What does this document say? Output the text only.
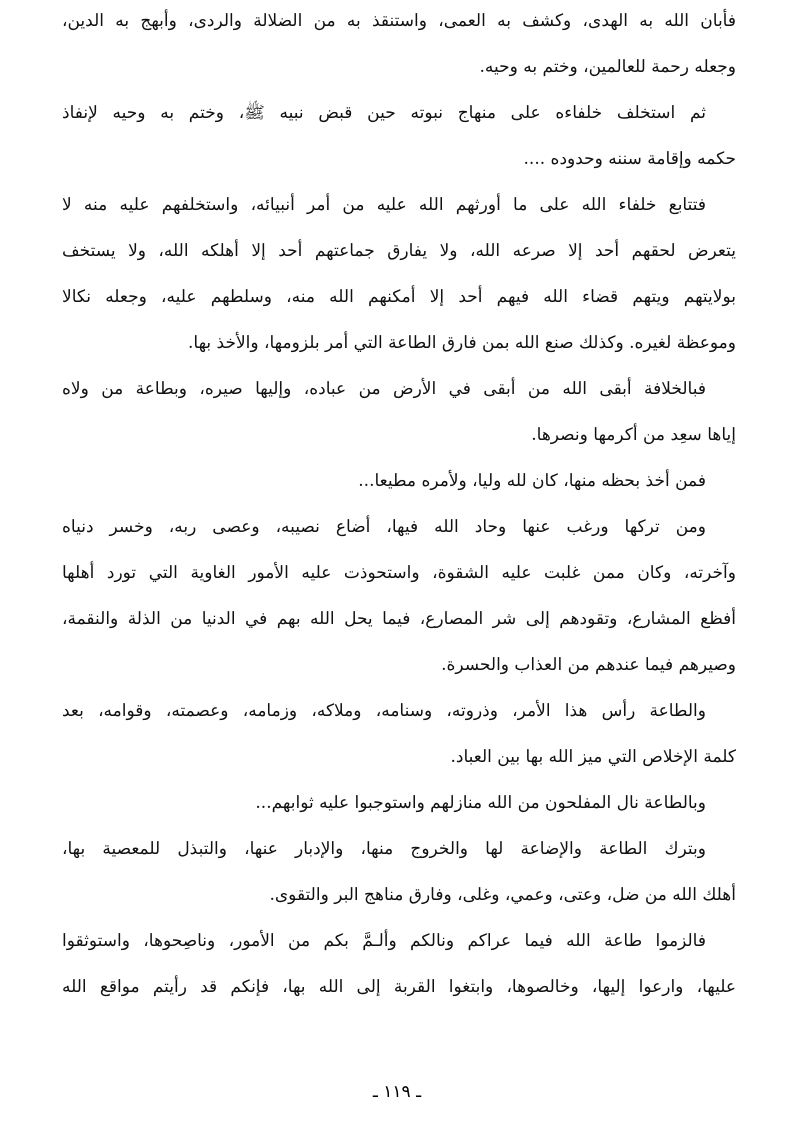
فأبان الله به الهدى، وكشف به العمى، واستنقذ به من الضلالة والردى، وأبهج به الدين،
وجعله رحمة للعالمين، وختم به وحيه.
ثم استخلف خلفاءه على منهاج نبوته حين قبض نبيه ﷺ، وختم به وحيه لإنفاذ
حكمه وإقامة سننه وحدوده ....
فتتابع خلفاء الله على ما أورثهم الله عليه من أمر أنبيائه، واستخلفهم عليه منه لا
يتعرض لحقهم أحد إلا صرعه الله، ولا يفارق جماعتهم أحد إلا أهلكه الله، ولا يستخف
بولايتهم ويتهم قضاء الله فيهم أحد إلا أمكنهم الله منه، وسلطهم عليه، وجعله نكالا
وموعظة لغيره. وكذلك صنع الله بمن فارق الطاعة التي أمر بلزومها، والأخذ بها.
فبالخلافة أبقى الله من أبقى في الأرض من عباده، وإليها صيره، وبطاعة من ولاه
إياها سعِد من أكرمها ونصرها.
فمن أخذ بحظه منها، كان لله وليا، ولأمره مطيعا...
ومن تركها ورغب عنها وحاد الله فيها، أضاع نصيبه، وعصى ربه، وخسر دنياه
وآخرته، وكان ممن غلبت عليه الشقوة، واستحوذت عليه الأمور الغاوية التي تورد أهلها
أفظع المشارع، وتقودهم إلى شر المصارع، فيما يحل الله بهم في الدنيا من الذلة والنقمة،
وصيرهم فيما عندهم من العذاب والحسرة.
والطاعة رأس هذا الأمر، وذروته، وسنامه، وملاكه، وزمامه، وعصمته، وقوامه، بعد
كلمة الإخلاص التي ميز الله بها بين العباد.
وبالطاعة نال المفلحون من الله منازلهم واستوجبوا عليه ثوابهم...
وبترك الطاعة والإضاعة لها والخروج منها، والإدبار عنها، والتبذل للمعصية بها،
أهلك الله من ضل، وعتى، وعمي، وغلى، وفارق مناهج البر والتقوى.
فالزموا طاعة الله فيما عراكم ونالكم وألـمَّ بكم من الأمور، وناصِحوها، واستوثقوا
عليها، وارعوا إليها، وخالصوها، وابتغوا القربة إلى الله بها، فإنكم قد رأيتم مواقع الله
ـ ١١٩ ـ
